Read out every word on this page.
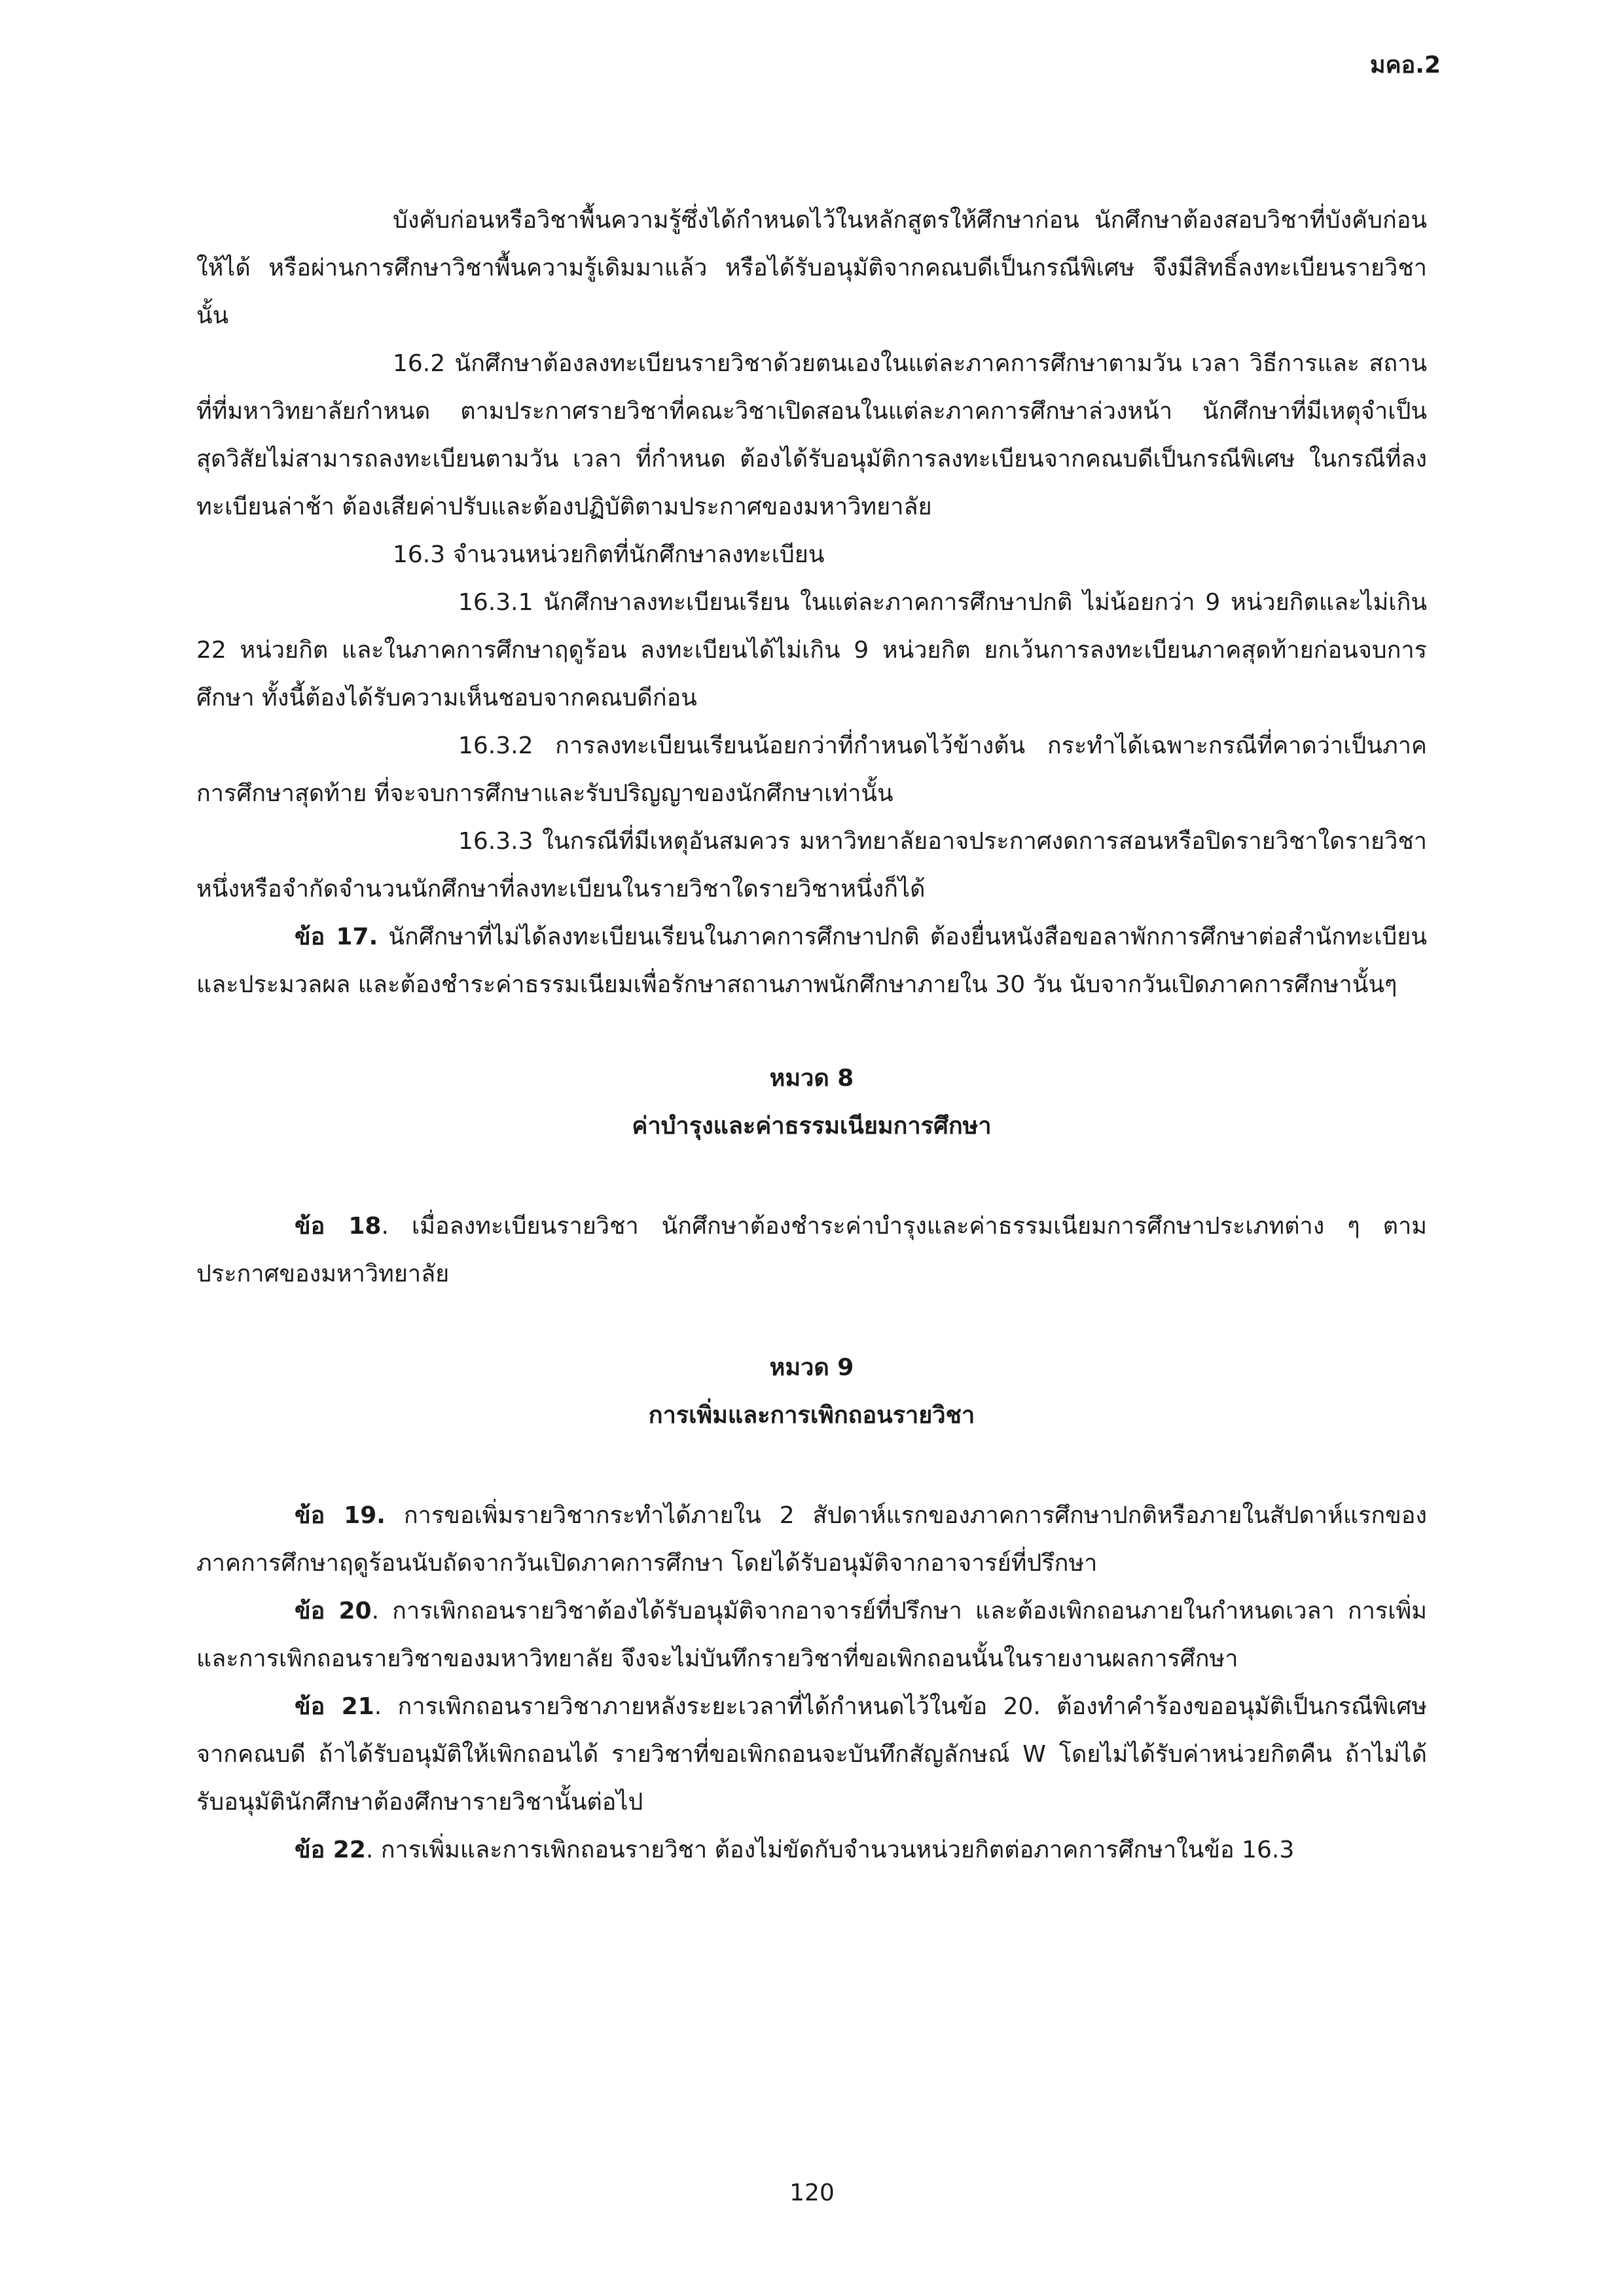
มคอ.2

บังคับก่อนหรือวิชาพื้นความรู้ซึ่งได้กำหนดไว้ในหลักสูตรให้ศึกษาก่อน นักศึกษาต้องสอบวิชาที่บังคับก่อนให้ได้ หรือผ่านการศึกษาวิชาพื้นความรู้เดิมมาแล้ว หรือได้รับอนุมัติจากคณบดีเป็นกรณีพิเศษ จึงมีสิทธิ์ลงทะเบียนรายวิชานั้น

16.2 นักศึกษาต้องลงทะเบียนรายวิชาด้วยตนเองในแต่ละภาคการศึกษาตามวัน เวลา วิธีการและ สถานที่ที่มหาวิทยาลัยกำหนด ตามประกาศรายวิชาที่คณะวิชาเปิดสอนในแต่ละภาคการศึกษาล่วงหน้า นักศึกษาที่มีเหตุจำเป็นสุดวิสัยไม่สามารถลงทะเบียนตามวัน เวลา ที่กำหนด ต้องได้รับอนุมัติการลงทะเบียนจากคณบดีเป็นกรณีพิเศษ ในกรณีที่ลงทะเบียนล่าช้า ต้องเสียค่าปรับและต้องปฏิบัติตามประกาศของมหาวิทยาลัย

16.3 จำนวนหน่วยกิตที่นักศึกษาลงทะเบียน

16.3.1 นักศึกษาลงทะเบียนเรียน ในแต่ละภาคการศึกษาปกติ ไม่น้อยกว่า 9 หน่วยกิตและไม่เกิน 22 หน่วยกิต และในภาคการศึกษาฤดูร้อน ลงทะเบียนได้ไม่เกิน 9 หน่วยกิต ยกเว้นการลงทะเบียนภาคสุดท้ายก่อนจบการศึกษา ทั้งนี้ต้องได้รับความเห็นชอบจากคณบดีก่อน

16.3.2 การลงทะเบียนเรียนน้อยกว่าที่กำหนดไว้ข้างต้น กระทำได้เฉพาะกรณีที่คาดว่าเป็นภาคการศึกษาสุดท้าย ที่จะจบการศึกษาและรับปริญญาของนักศึกษาเท่านั้น

16.3.3 ในกรณีที่มีเหตุอันสมควร มหาวิทยาลัยอาจประกาศงดการสอนหรือปิดรายวิชาใดรายวิชาหนึ่งหรือจำกัดจำนวนนักศึกษาที่ลงทะเบียนในรายวิชาใดรายวิชาหนึ่งก็ได้

ข้อ 17. นักศึกษาที่ไม่ได้ลงทะเบียนเรียนในภาคการศึกษาปกติ ต้องยื่นหนังสือขอลาพักการศึกษาต่อสำนักทะเบียนและประมวลผล และต้องชำระค่าธรรมเนียมเพื่อรักษาสถานภาพนักศึกษาภายใน 30 วัน นับจากวันเปิดภาคการศึกษานั้นๆ

หมวด 8

ค่าบำรุงและค่าธรรมเนียมการศึกษา

ข้อ 18. เมื่อลงทะเบียนรายวิชา นักศึกษาต้องชำระค่าบำรุงและค่าธรรมเนียมการศึกษาประเภทต่าง ๆ ตามประกาศของมหาวิทยาลัย

หมวด 9

การเพิ่มและการเพิกถอนรายวิชา

ข้อ 19. การขอเพิ่มรายวิชากระทำได้ภายใน 2 สัปดาห์แรกของภาคการศึกษาปกติหรือภายในสัปดาห์แรกของภาคการศึกษาฤดูร้อนนับถัดจากวันเปิดภาคการศึกษา โดยได้รับอนุมัติจากอาจารย์ที่ปรึกษา

ข้อ 20. การเพิกถอนรายวิชาต้องได้รับอนุมัติจากอาจารย์ที่ปรึกษา และต้องเพิกถอนภายในกำหนดเวลา การเพิ่มและการเพิกถอนรายวิชาของมหาวิทยาลัย จึงจะไม่บันทึกรายวิชาที่ขอเพิกถอนนั้นในรายงานผลการศึกษา

ข้อ 21. การเพิกถอนรายวิชาภายหลังระยะเวลาที่ได้กำหนดไว้ในข้อ 20. ต้องทำคำร้องขออนุมัติเป็นกรณีพิเศษจากคณบดี ถ้าได้รับอนุมัติให้เพิกถอนได้ รายวิชาที่ขอเพิกถอนจะบันทึกสัญลักษณ์ W โดยไม่ได้รับค่าหน่วยกิตคืน ถ้าไม่ได้รับอนุมัตินักศึกษาต้องศึกษารายวิชานั้นต่อไป

ข้อ 22. การเพิ่มและการเพิกถอนรายวิชา ต้องไม่ขัดกับจำนวนหน่วยกิตต่อภาคการศึกษาในข้อ 16.3

120
